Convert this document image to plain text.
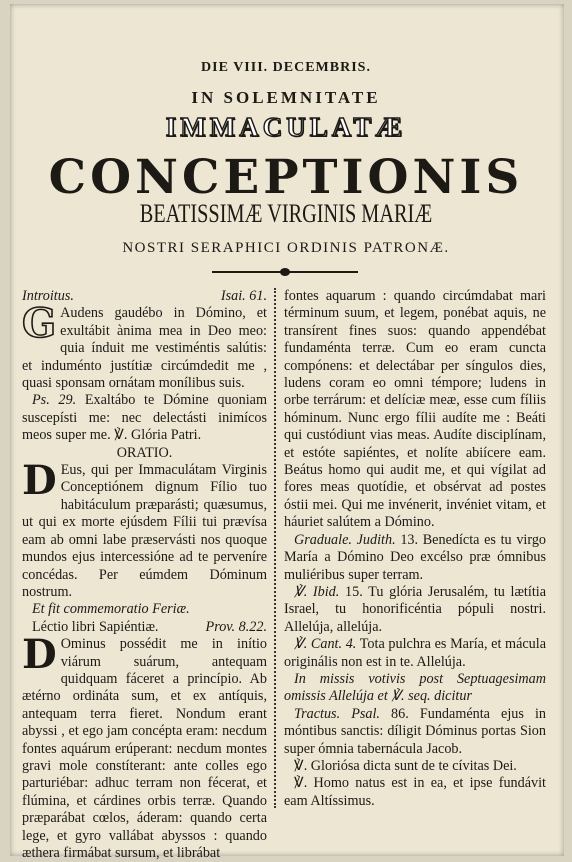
DIE VIII. DECEMBRIS.
IN SOLEMNITATE
IMMACULATÆ
CONCEPTIONIS
BEATISSIMÆ VIRGINIS MARIÆ
NOSTRI SERAPHICI ORDINIS PATRONÆ.

Introitus.	Isai. 61.

G Audens gaudébo in Dómino, et exultábit ànima mea in Deo meo: quia índuit me vestiméntis salútis: et induménto justítiæ circúmdedit me , quasi sponsam ornátam monílibus suis.

Ps. 29. Exaltábo te Dómine quoniam suscepísti me: nec delectásti inimícos meos super me. ℣. Glória Patri.

ORATIO.

D Eus, qui per Immaculátam Virginis Conceptiónem dignum Fílio tuo habitáculum præparásti; quæsumus, ut qui ex morte ejúsdem Fílii tui prævísa eam ab omni labe præservásti nos quoque mundos ejus intercessióne ad te perveníre concédas. Per eúmdem Dóminum nostrum.

Et fit commemoratio Feriæ.

Léctio libri Sapiéntiæ.	Prov. 8.22.

D Ominus possédit me in inítio viárum suárum, antequam quidquam fáceret a princípio. Ab ætérno ordináta sum, et ex antíquis, antequam terra fieret. Nondum erant abyssi , et ego jam concépta eram: necdum fontes aquárum erúperant: necdum montes gravi mole constíterant: ante colles ego parturiébar: adhuc terram non fécerat, et flúmina, et cárdines orbis terræ. Quando præparábat cœlos, áderam: quando certa lege, et gyro vallábat abyssos : quando æthera firmábat sursum, et librábat

fontes aquarum : quando circúmdabat mari términum suum, et legem, ponébat aquis, ne transírent fines suos: quando appendébat fundaménta terræ. Cum eo eram cuncta compónens: et delectábar per síngulos dies, ludens coram eo omni témpore; ludens in orbe terrárum: et delíciæ meæ, esse cum fíliis hóminum. Nunc ergo fílii audíte me : Beáti qui custódiunt vias meas. Audíte disciplínam, et estóte sapiéntes, et nolíte abiícere eam. Beátus homo qui audit me, et qui vígilat ad fores meas quotídie, et obsérvat ad postes óstii mei. Qui me invénerit, invéniet vitam, et háuriet salútem a Dómino.

Graduale. Judith. 13. Benedícta es tu virgo María a Dómino Deo excélso præ ómnibus muliéribus super terram.

℣. Ibid. 15. Tu glória Jerusalém, tu lætítia Israel, tu honorificéntia pópuli nostri. Allelúja, allelúja.

℣. Cant. 4. Tota pulchra es María, et mácula originális non est in te. Allelúja.

In missis votivis post Septuagesimam omissis Allelúja et ℣. seq. dicitur

Tractus. Psal. 86. Fundaménta ejus in móntibus sanctis: díligit Dóminus portas Sion super ómnia tabernácula Jacob.

℣. Gloriósa dicta sunt de te cívitas Dei.

℣. Homo natus est in ea, et ipse fundávit eam Altíssimus.
